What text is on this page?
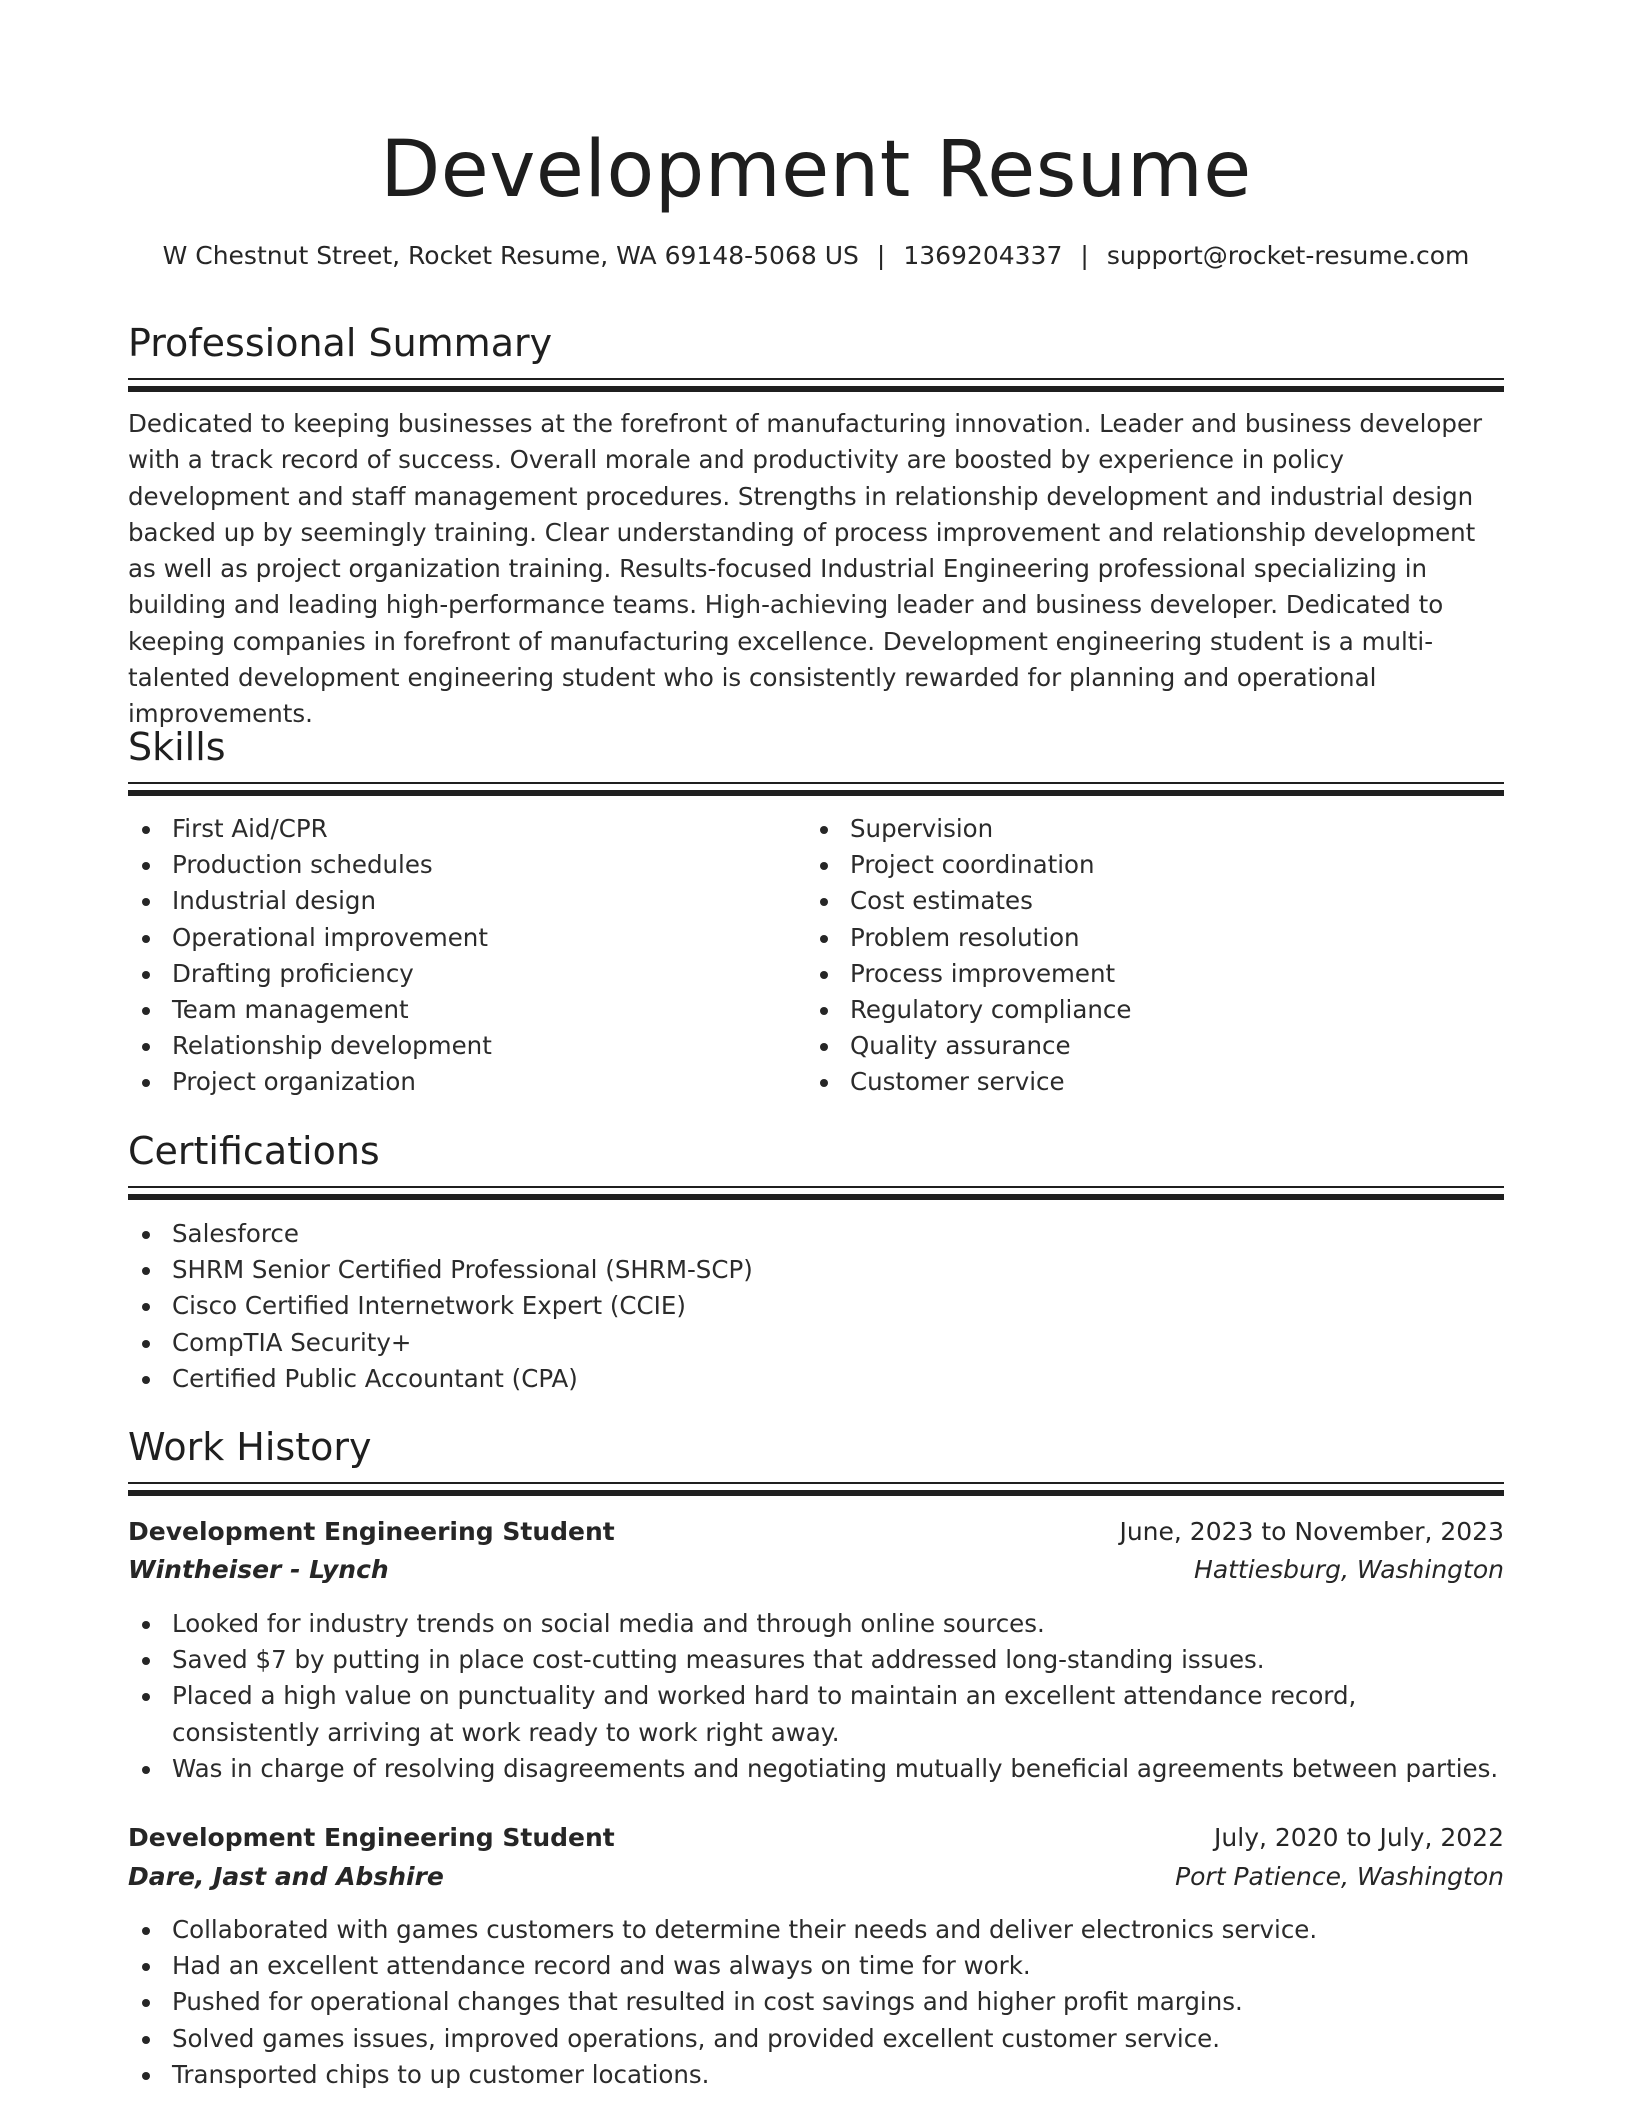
Development Resume
W Chestnut Street, Rocket Resume, WA 69148-5068 US | 1369204337 | support@rocket-resume.com
Professional Summary
Dedicated to keeping businesses at the forefront of manufacturing innovation. Leader and business developer with a track record of success. Overall morale and productivity are boosted by experience in policy development and staff management procedures. Strengths in relationship development and industrial design backed up by seemingly training. Clear understanding of process improvement and relationship development as well as project organization training. Results-focused Industrial Engineering professional specializing in building and leading high-performance teams. High-achieving leader and business developer. Dedicated to keeping companies in forefront of manufacturing excellence. Development engineering student is a multi-talented development engineering student who is consistently rewarded for planning and operational improvements.
Skills
First Aid/CPR
Production schedules
Industrial design
Operational improvement
Drafting proficiency
Team management
Relationship development
Project organization
Supervision
Project coordination
Cost estimates
Problem resolution
Process improvement
Regulatory compliance
Quality assurance
Customer service
Certifications
Salesforce
SHRM Senior Certified Professional (SHRM-SCP)
Cisco Certified Internetwork Expert (CCIE)
CompTIA Security+
Certified Public Accountant (CPA)
Work History
Development Engineering Student	June, 2023 to November, 2023
Wintheiser - Lynch	Hattiesburg, Washington
Looked for industry trends on social media and through online sources.
Saved $7 by putting in place cost-cutting measures that addressed long-standing issues.
Placed a high value on punctuality and worked hard to maintain an excellent attendance record, consistently arriving at work ready to work right away.
Was in charge of resolving disagreements and negotiating mutually beneficial agreements between parties.
Development Engineering Student	July, 2020 to July, 2022
Dare, Jast and Abshire	Port Patience, Washington
Collaborated with games customers to determine their needs and deliver electronics service.
Had an excellent attendance record and was always on time for work.
Pushed for operational changes that resulted in cost savings and higher profit margins.
Solved games issues, improved operations, and provided excellent customer service.
Transported chips to up customer locations.
